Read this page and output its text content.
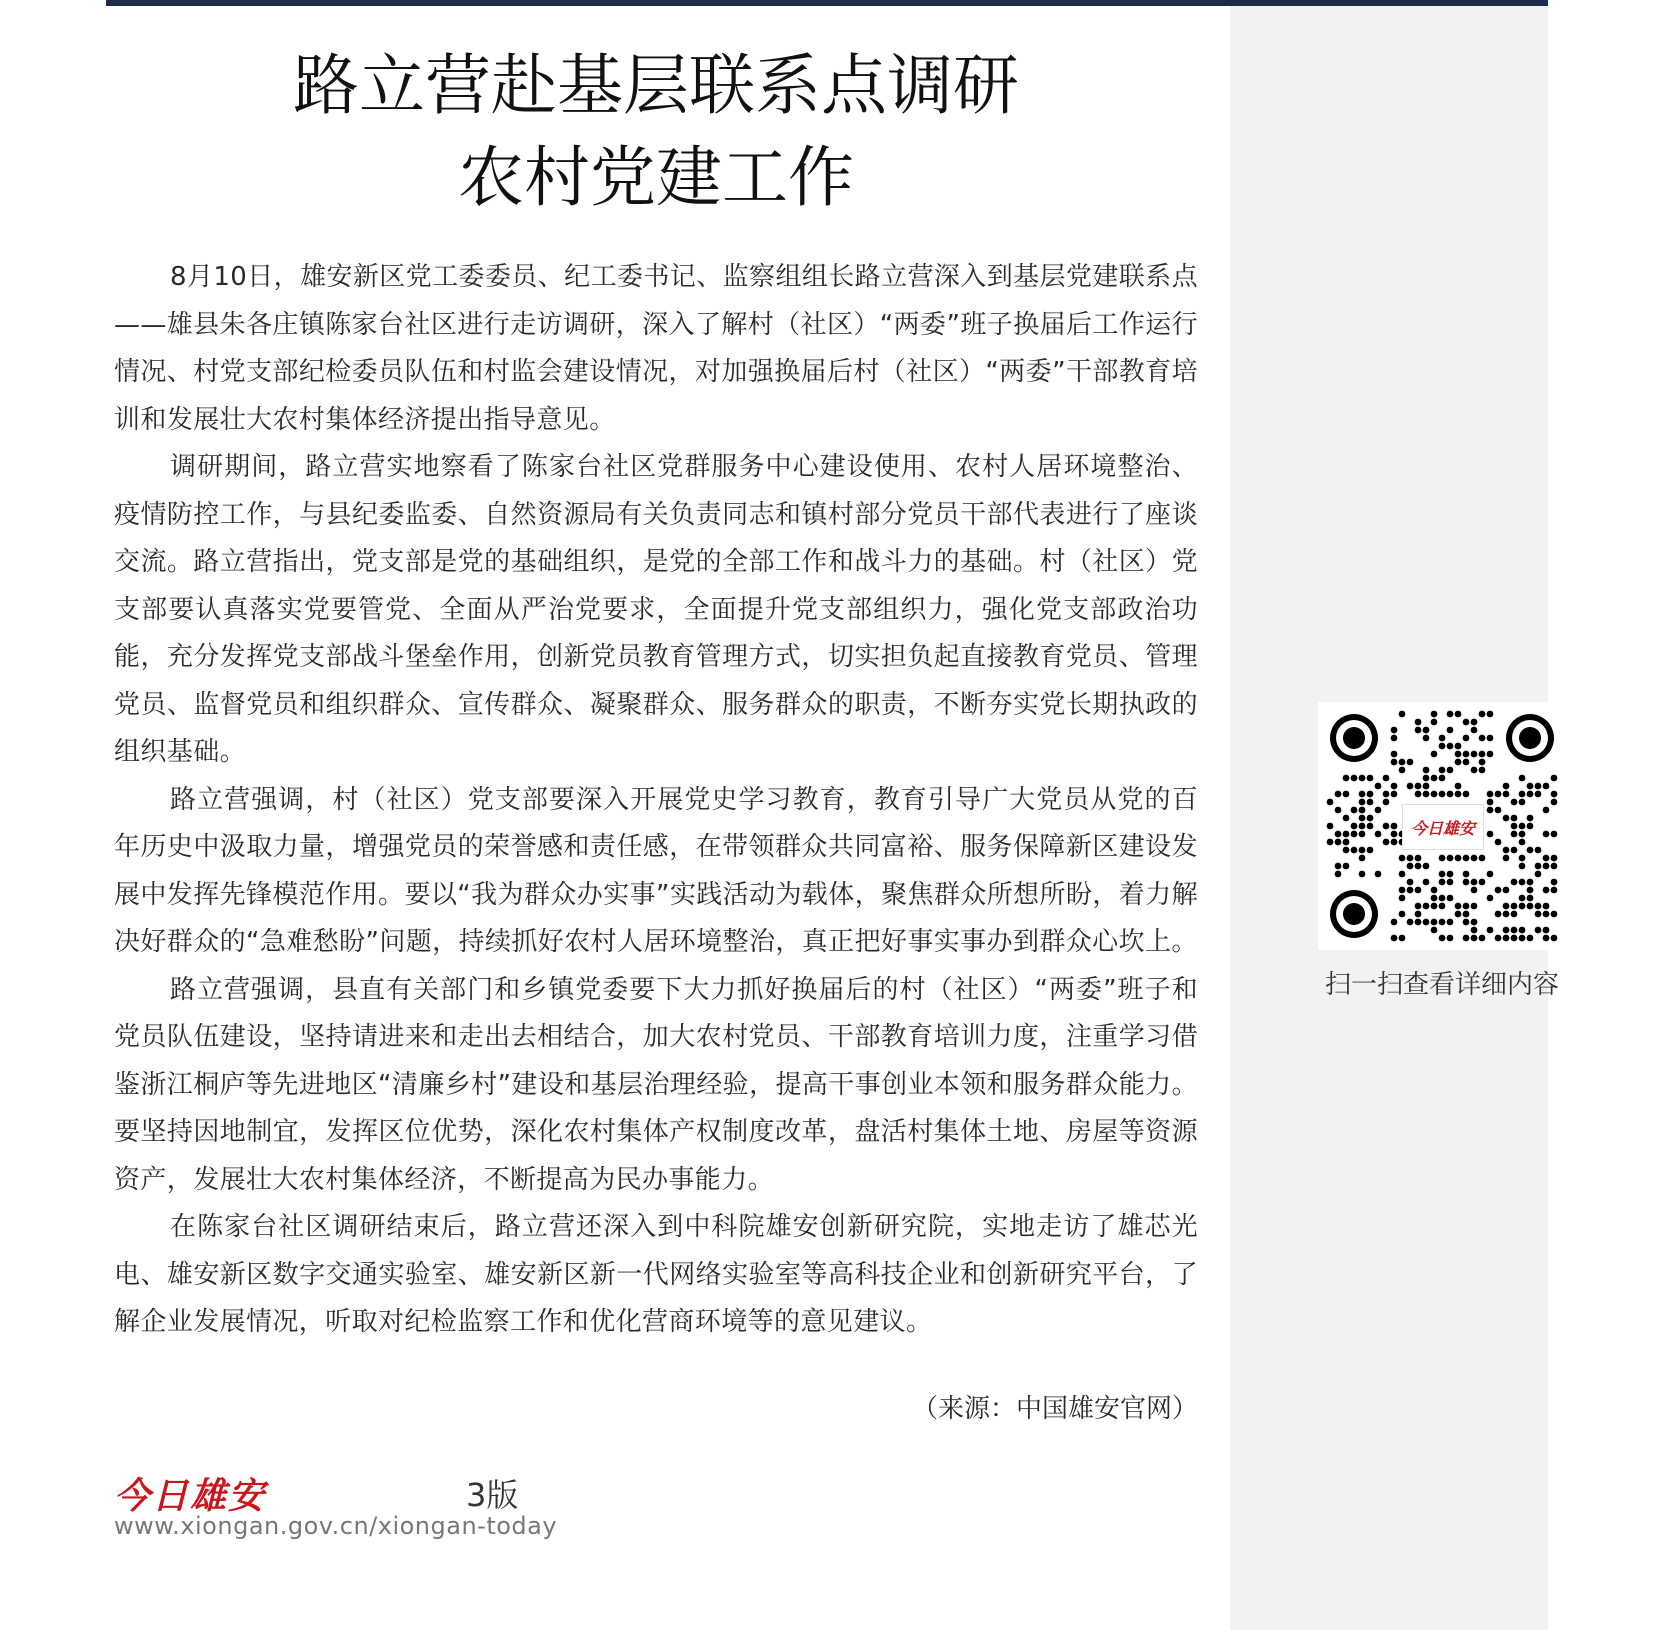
路立营赴基层联系点调研
农村党建工作

8月10日，雄安新区党工委委员、纪工委书记、监察组组长路立营深入到基层党建联系点——雄县朱各庄镇陈家台社区进行走访调研，深入了解村（社区）“两委”班子换届后工作运行情况、村党支部纪检委员队伍和村监会建设情况，对加强换届后村（社区）“两委”干部教育培训和发展壮大农村集体经济提出指导意见。

调研期间，路立营实地察看了陈家台社区党群服务中心建设使用、农村人居环境整治、疫情防控工作，与县纪委监委、自然资源局有关负责同志和镇村部分党员干部代表进行了座谈交流。路立营指出，党支部是党的基础组织，是党的全部工作和战斗力的基础。村（社区）党支部要认真落实党要管党、全面从严治党要求，全面提升党支部组织力，强化党支部政治功能，充分发挥党支部战斗堡垒作用，创新党员教育管理方式，切实担负起直接教育党员、管理党员、监督党员和组织群众、宣传群众、凝聚群众、服务群众的职责，不断夯实党长期执政的组织基础。

路立营强调，村（社区）党支部要深入开展党史学习教育，教育引导广大党员从党的百年历史中汲取力量，增强党员的荣誉感和责任感，在带领群众共同富裕、服务保障新区建设发展中发挥先锋模范作用。要以“我为群众办实事”实践活动为载体，聚焦群众所想所盼，着力解决好群众的“急难愁盼”问题，持续抓好农村人居环境整治，真正把好事实事办到群众心坎上。

路立营强调，县直有关部门和乡镇党委要下大力抓好换届后的村（社区）“两委”班子和党员队伍建设，坚持请进来和走出去相结合，加大农村党员、干部教育培训力度，注重学习借鉴浙江桐庐等先进地区“清廉乡村”建设和基层治理经验，提高干事创业本领和服务群众能力。要坚持因地制宜，发挥区位优势，深化农村集体产权制度改革，盘活村集体土地、房屋等资源资产，发展壮大农村集体经济，不断提高为民办事能力。

在陈家台社区调研结束后，路立营还深入到中科院雄安创新研究院，实地走访了雄芯光电、雄安新区数字交通实验室、雄安新区新一代网络实验室等高科技企业和创新研究平台，了解企业发展情况，听取对纪检监察工作和优化营商环境等的意见建议。

（来源：中国雄安官网）
今日雄安	3版
www.xiongan.gov.cn/xiongan-today
今日雄安
扫一扫查看详细内容
